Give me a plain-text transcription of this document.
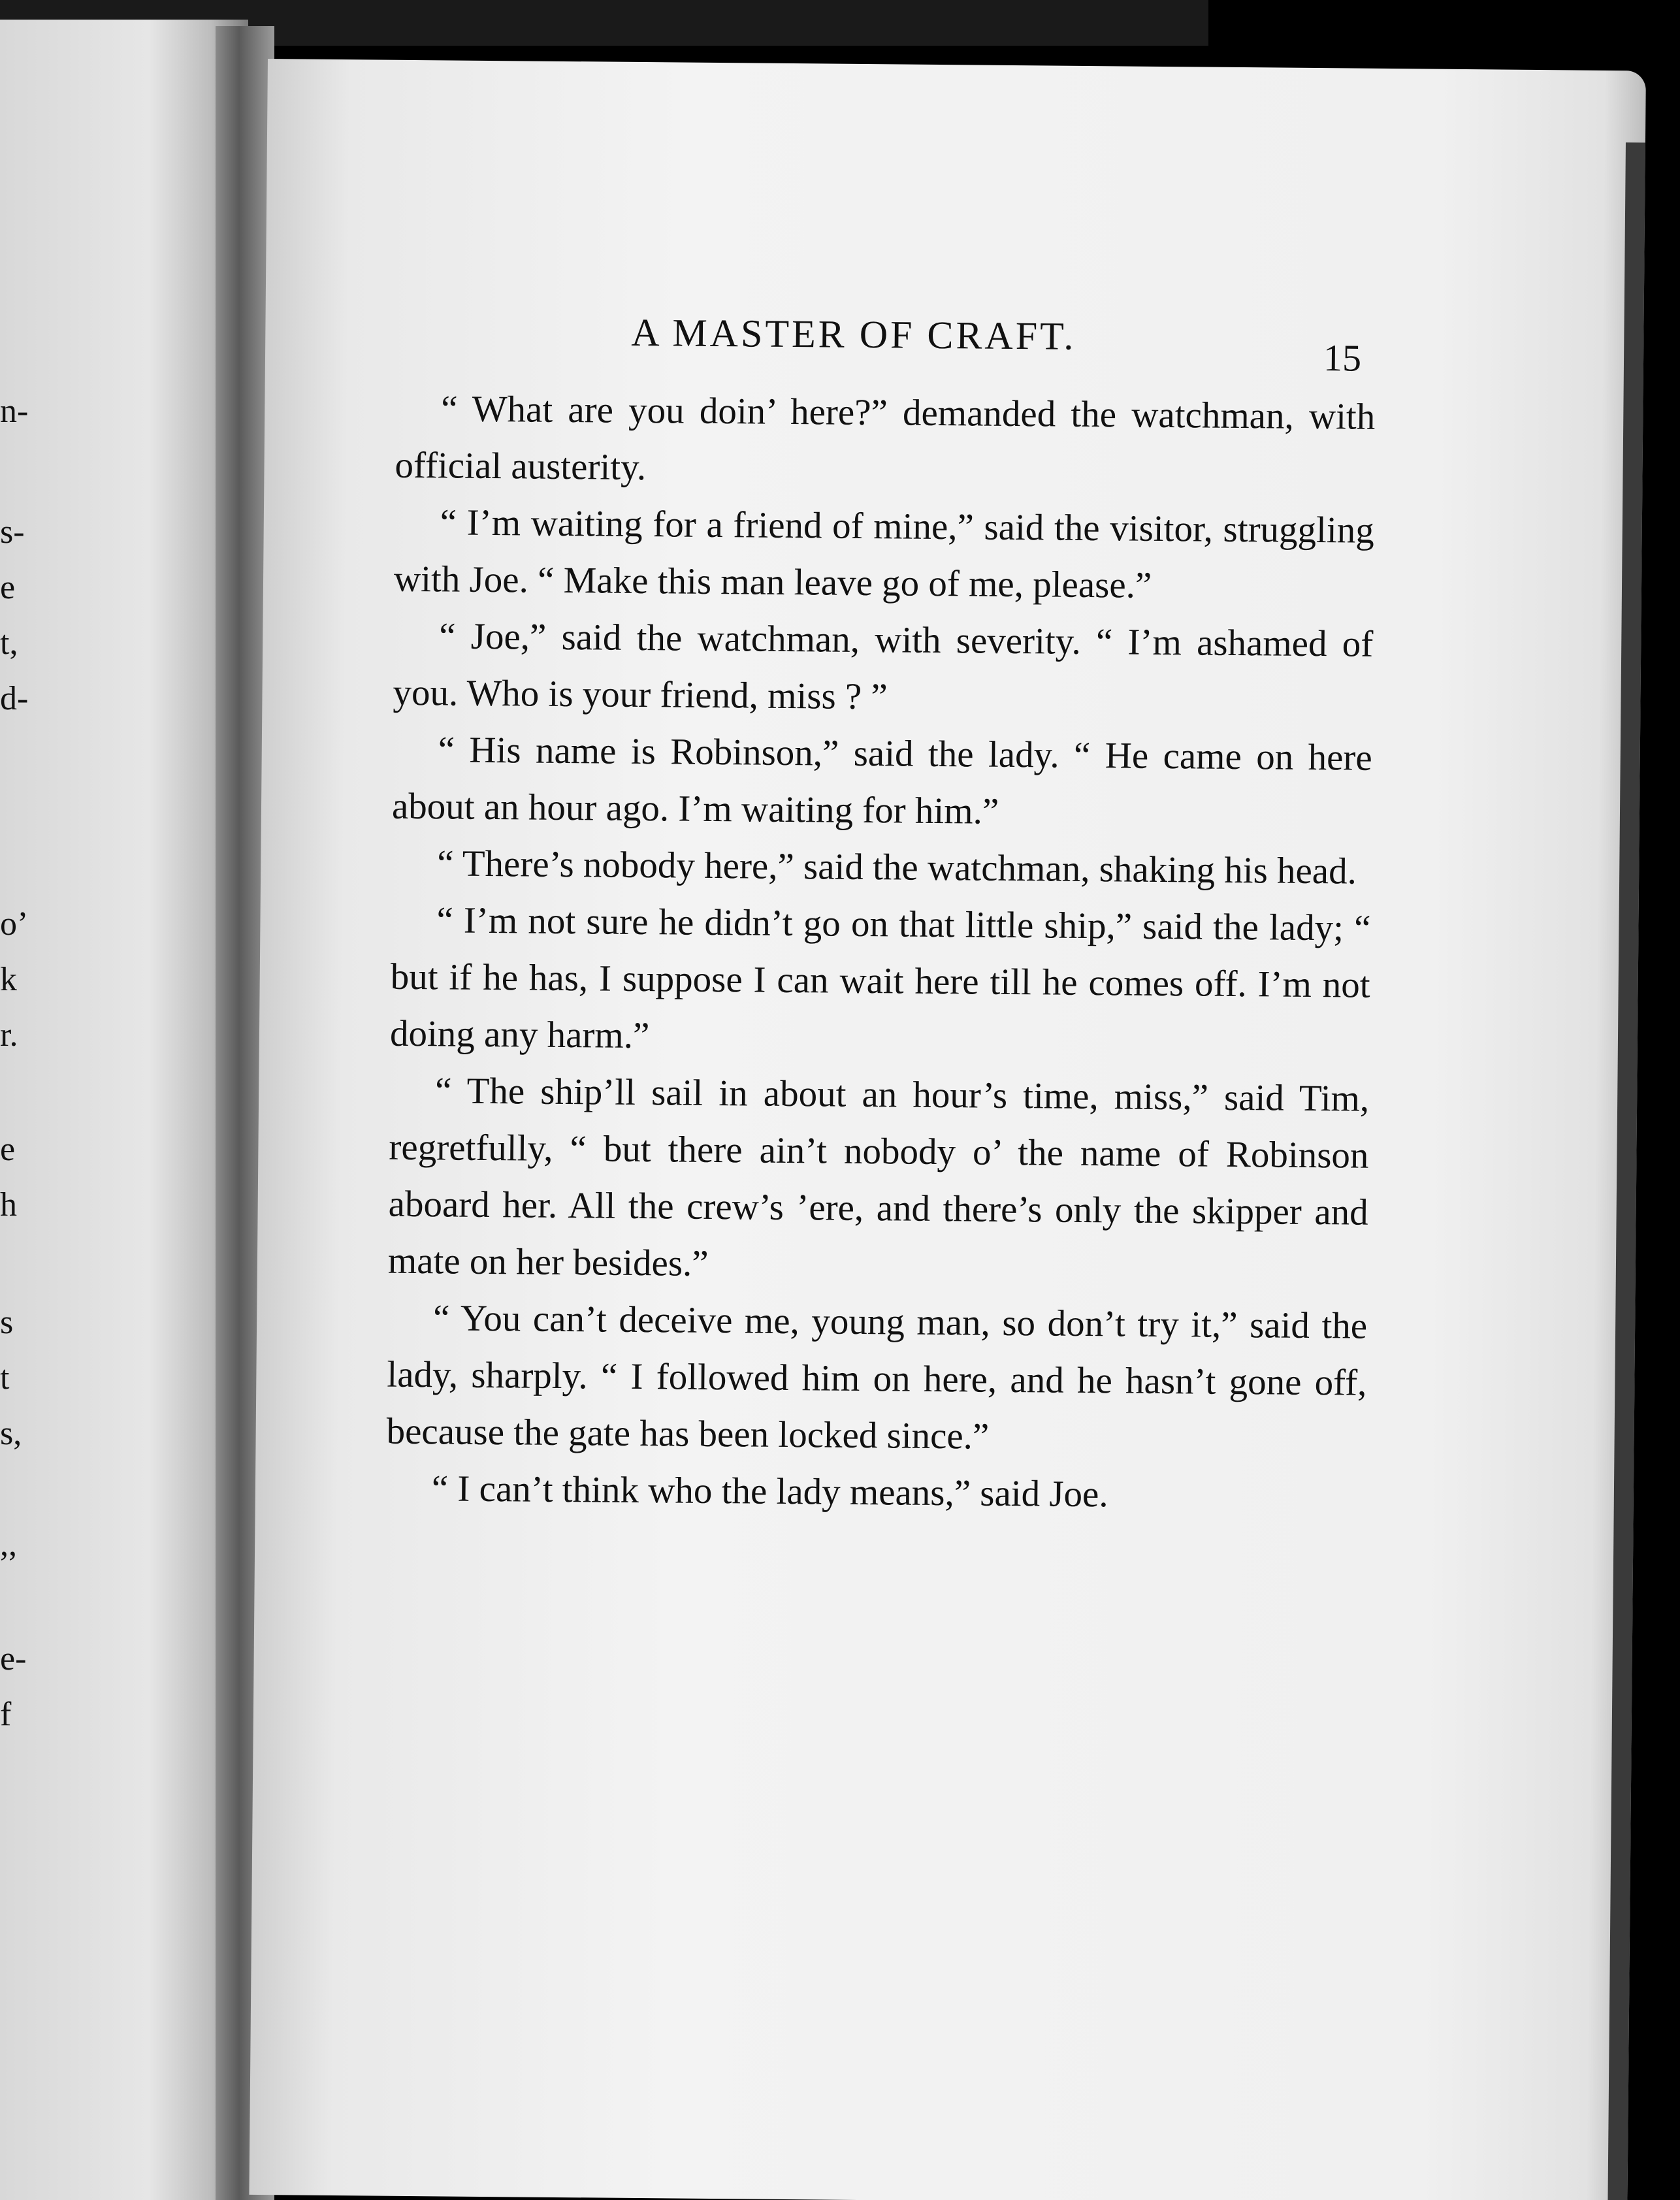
n-
s-
e
t,
d-
o’
k
r.
e
h
s
t
s,
,,
e-
f
A MASTER OF CRAFT.
15

“ What are you doin’ here?” demanded the watchman, with official austerity.

“ I’m waiting for a friend of mine,” said the visitor, struggling with Joe. “ Make this man leave go of me, please.”

“ Joe,” said the watchman, with severity. “ I’m ashamed of you. Who is your friend, miss ? ”

“ His name is Robinson,” said the lady. “ He came on here about an hour ago. I’m waiting for him.”

“ There’s nobody here,” said the watchman, shaking his head.

“ I’m not sure he didn’t go on that little ship,” said the lady; “ but if he has, I suppose I can wait here till he comes off. I’m not doing any harm.”

“ The ship’ll sail in about an hour’s time, miss,” said Tim, regretfully, “ but there ain’t nobody o’ the name of Robinson aboard her. All the crew’s ’ere, and there’s only the skipper and mate on her besides.”

“ You can’t deceive me, young man, so don’t try it,” said the lady, sharply. “ I followed him on here, and he hasn’t gone off, because the gate has been locked since.”

“ I can’t think who the lady means,” said Joe.
